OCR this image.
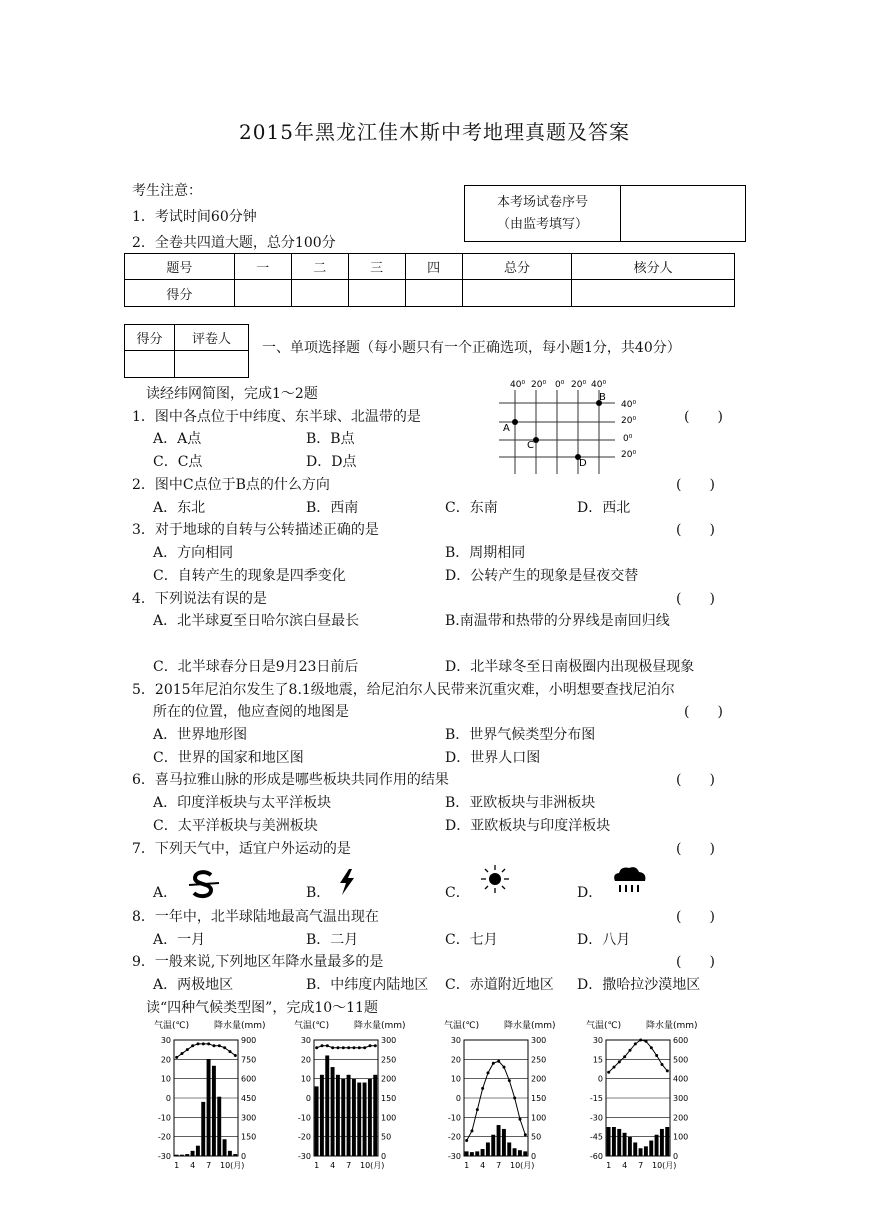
2015年黑龙江佳木斯中考地理真题及答案
考生注意：
1．考试时间60分钟
2．全卷共四道大题，总分100分
本考场试卷序号
（由监考填写）

题号	一	二	三	四	总分	核分人
得分						
得分	评卷人

一、单项选择题（每小题只有一个正确选项，每小题1分，共40分）
读经纬网简图，完成1～2题
40⁰ 20⁰ 0⁰ 20⁰ 40⁰
40⁰
20⁰
0⁰
20⁰
A
B
C
D
1．图中各点位于中纬度、东半球、北温带的是	(　　)
A．A点	B．B点
C．C点	D．D点
2．图中C点位于B点的什么方向	(　　)
A．东北	B．西南	C．东南	D．西北
3．对于地球的自转与公转描述正确的是	(　　)
A．方向相同	B．周期相同
C．自转产生的现象是四季变化	D．公转产生的现象是昼夜交替
4．下列说法有误的是	(　　)
A．北半球夏至日哈尔滨白昼最长	B.南温带和热带的分界线是南回归线
C．北半球春分日是9月23日前后	D．北半球冬至日南极圈内出现极昼现象
5．2015年尼泊尔发生了8.1级地震，给尼泊尔人民带来沉重灾难，小明想要查找尼泊尔
所在的位置，他应查阅的地图是	(　　)
A．世界地形图	B．世界气候类型分布图
C．世界的国家和地区图	D．世界人口图
6．喜马拉雅山脉的形成是哪些板块共同作用的结果	(　　)
A．印度洋板块与太平洋板块	B．亚欧板块与非洲板块
C．太平洋板块与美洲板块	D．亚欧板块与印度洋板块
7．下列天气中，适宜户外运动的是	(　　)
A．	B．	C．	D．
8．一年中，北半球陆地最高气温出现在	(　　)
A．一月	B．二月	C．七月	D．八月
9．一般来说,下列地区年降水量最多的是	(　　)
A．两极地区	B．中纬度内陆地区 C．赤道附近地区 D．撒哈拉沙漠地区
读“四种气候类型图”，完成10～11题
气温(℃)	降水量(mm)
30	900
20	750
10	600
0	450
-10	300
-20	150
-30	0
1 4 7 10(月)
气温(℃)	降水量(mm)
30	300
20	250
10	200
0	150
-10	100
-20	50
-30	0
1 4 7 10(月)
气温(℃)	降水量(mm)
30	300
20	250
10	200
0	150
-10	100
-20	50
-30	0
1 4 7 10(月)
气温(℃)	降水量(mm)
30	600
15	500
0	400
-15	300
-30	200
-45	100
-60	0
1 4 7 10(月)
